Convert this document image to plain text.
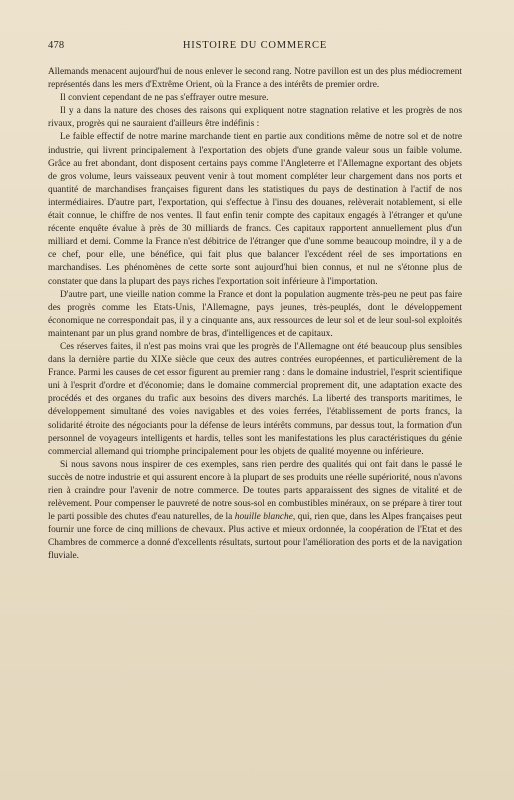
478	HISTOIRE DU COMMERCE

Allemands menacent aujourd'hui de nous enlever le second rang. Notre pavillon est un des plus médiocrement représentés dans les mers d'Extrême Orient, où la France a des intérêts de premier ordre.

Il convient cependant de ne pas s'effrayer outre mesure.

Il y a dans la nature des choses des raisons qui expliquent notre stagnation relative et les progrès de nos rivaux, progrès qui ne sauraient d'ailleurs être indéfinis :

Le faible effectif de notre marine marchande tient en partie aux conditions même de notre sol et de notre industrie, qui livrent principalement à l'exportation des objets d'une grande valeur sous un faible volume. Grâce au fret abondant, dont disposent certains pays comme l'Angleterre et l'Allemagne exportant des objets de gros volume, leurs vaisseaux peuvent venir à tout moment compléter leur chargement dans nos ports et quantité de marchandises françaises figurent dans les statistiques du pays de destination à l'actif de nos intermédiaires. D'autre part, l'exportation, qui s'effectue à l'insu des douanes, relèverait notablement, si elle était connue, le chiffre de nos ventes. Il faut enfin tenir compte des capitaux engagés à l'étranger et qu'une récente enquête évalue à près de 30 milliards de francs. Ces capitaux rapportent annuellement plus d'un milliard et demi. Comme la France n'est débitrice de l'étranger que d'une somme beaucoup moindre, il y a de ce chef, pour elle, une bénéfice, qui fait plus que balancer l'excédent réel de ses importations en marchandises. Les phénomènes de cette sorte sont aujourd'hui bien connus, et nul ne s'étonne plus de constater que dans la plupart des pays riches l'exportation soit inférieure à l'importation.

D'autre part, une vieille nation comme la France et dont la population augmente très-peu ne peut pas faire des progrès comme les Etats-Unis, l'Allemagne, pays jeunes, très-peuplés, dont le développement économique ne correspondait pas, il y a cinquante ans, aux ressources de leur sol et de leur soul-sol exploités maintenant par un plus grand nombre de bras, d'intelligences et de capitaux.

Ces réserves faites, il n'est pas moins vrai que les progrès de l'Allemagne ont été beaucoup plus sensibles dans la dernière partie du XIXe siècle que ceux des autres contrées européennes, et particulièrement de la France. Parmi les causes de cet essor figurent au premier rang : dans le domaine industriel, l'esprit scientifique uni à l'esprit d'ordre et d'économie; dans le domaine commercial proprement dit, une adaptation exacte des procédés et des organes du trafic aux besoins des divers marchés. La liberté des transports maritimes, le développement simultané des voies navigables et des voies ferrées, l'établissement de ports francs, la solidarité étroite des négociants pour la défense de leurs intérêts communs, par dessus tout, la formation d'un personnel de voyageurs intelligents et hardis, telles sont les manifestations les plus caractéristiques du génie commercial allemand qui triomphe principalement pour les objets de qualité moyenne ou inférieure.

Si nous savons nous inspirer de ces exemples, sans rien perdre des qualités qui ont fait dans le passé le succès de notre industrie et qui assurent encore à la plupart de ses produits une réelle supériorité, nous n'avons rien à craindre pour l'avenir de notre commerce. De toutes parts apparaissent des signes de vitalité et de relèvement. Pour compenser le pauvreté de notre sous-sol en combustibles minéraux, on se prépare à tirer tout le parti possible des chutes d'eau naturelles, de la houille blanche, qui, rien que, dans les Alpes françaises peut fournir une force de cinq millions de chevaux. Plus active et mieux ordonnée, la coopération de l'Etat et des Chambres de commerce a donné d'excellents résultats, surtout pour l'amélioration des ports et de la navigation fluviale.
